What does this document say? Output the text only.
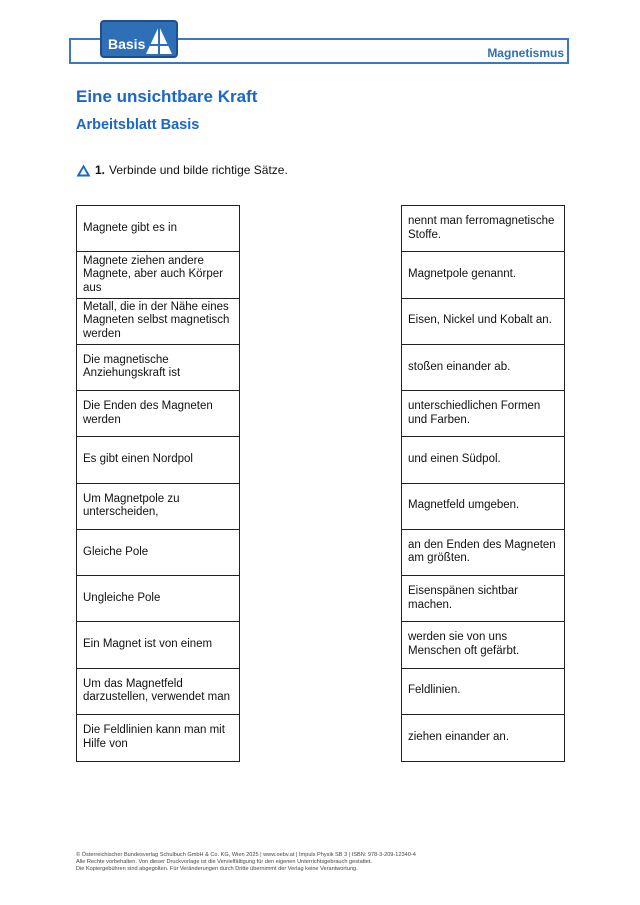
Basis
Magnetismus
Eine unsichtbare Kraft
Arbeitsblatt Basis
1. Verbinde und bilde richtige Sätze.
Magnete gibt es in
Magnete ziehen andere Magnete, aber auch Körper aus
Metall, die in der Nähe eines Magneten selbst magnetisch werden
Die magnetische Anziehungskraft ist
Die Enden des Magneten werden
Es gibt einen Nordpol
Um Magnetpole zu unterscheiden,
Gleiche Pole
Ungleiche Pole
Ein Magnet ist von einem
Um das Magnetfeld darzustellen, verwendet man
Die Feldlinien kann man mit Hilfe von
nennt man ferromagnetische Stoffe.
Magnetpole genannt.
Eisen, Nickel und Kobalt an.
stoßen einander ab.
unterschiedlichen Formen und Farben.
und einen Südpol.
Magnetfeld umgeben.
an den Enden des Magneten am größten.
Eisenspänen sichtbar machen.
werden sie von uns Menschen oft gefärbt.
Feldlinien.
ziehen einander an.
© Österreichischer Bundesverlag Schulbuch GmbH & Co. KG, Wien 2025 | www.oebv.at | Impuls Physik SB 3 | ISBN: 978-3-209-12340-4
Alle Rechte vorbehalten. Von dieser Druckvorlage ist die Vervielfältigung für den eigenen Unterrichtsgebrauch gestattet.
Die Kopiergebühren sind abgegolten. Für Veränderungen durch Dritte übernimmt der Verlag keine Verantwortung.
